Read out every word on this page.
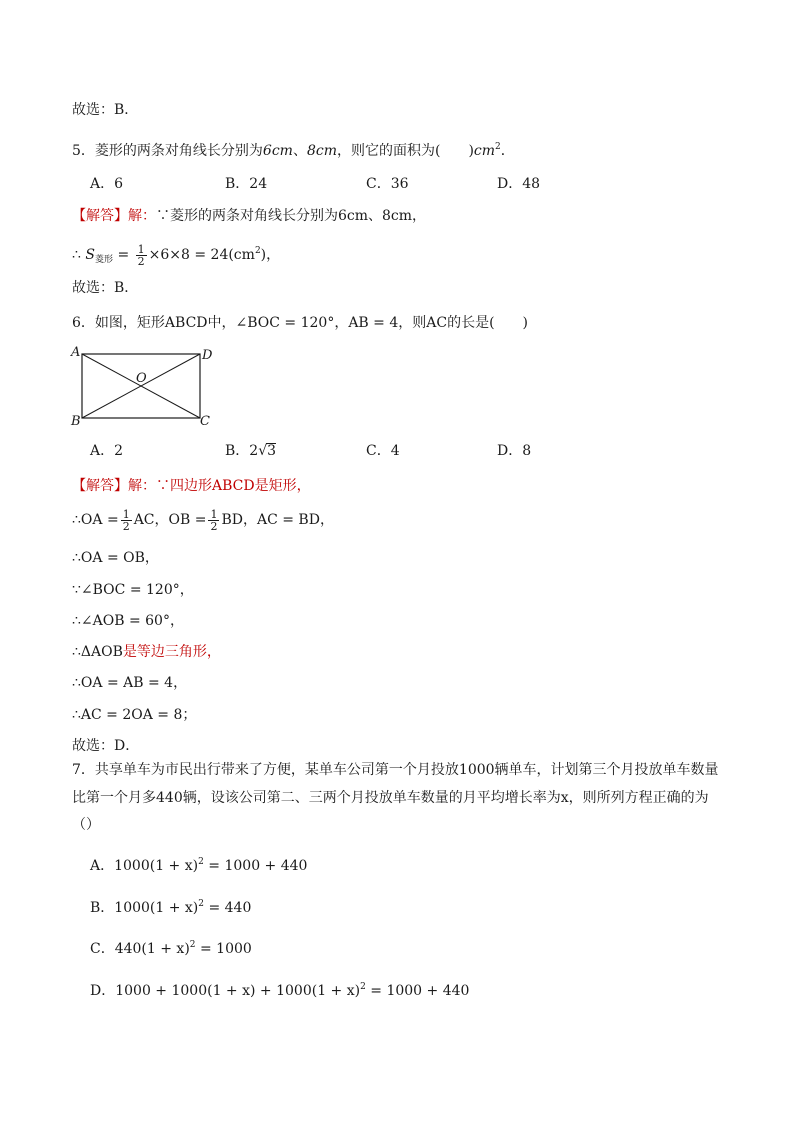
故选：B．
5．菱形的两条对角线长分别为6cm、8cm，则它的面积为(　　)$cm^2$．
A．6	B．24	C．36	D．48
【解答】解：∵菱形的两条对角线长分别为6cm、8cm，
∴ $S_{菱形} = \frac{1}{2} \times 6\times 8 = 24(cm^2)$，
故选：B．
6．如图，矩形ABCD中，∠BOC = 120°，AB = 4，则AC的长是(　　)
A	D
B	C
O
A．2	B．2√3	C．4	D．8
【解答】解：∵四边形ABCD是矩形，
∴OA = $\frac{1}{2}$ AC，OB = $\frac{1}{2}$ BD，AC = BD，
∴OA = OB，
∵∠BOC = 120°，
∴∠AOB = 60°，
∴ΔAOB是等边三角形，
∴OA = AB = 4，
∴AC = 2OA = 8；
故选：D．
7．共享单车为市民出行带来了方便，某单车公司第一个月投放1000辆单车，计划第三个月投放单车数量
比第一个月多440辆，设该公司第二、三两个月投放单车数量的月平均增长率为x，则所列方程正确的为
（）
A．$1000(1 + x)^2 = 1000 + 440$
B．$1000(1 + x)^2 = 440$
C．$440(1 + x)^2 = 1000$
D．$1000 + 1000(1 + x) + 1000(1 + x)^2 = 1000 + 440$
